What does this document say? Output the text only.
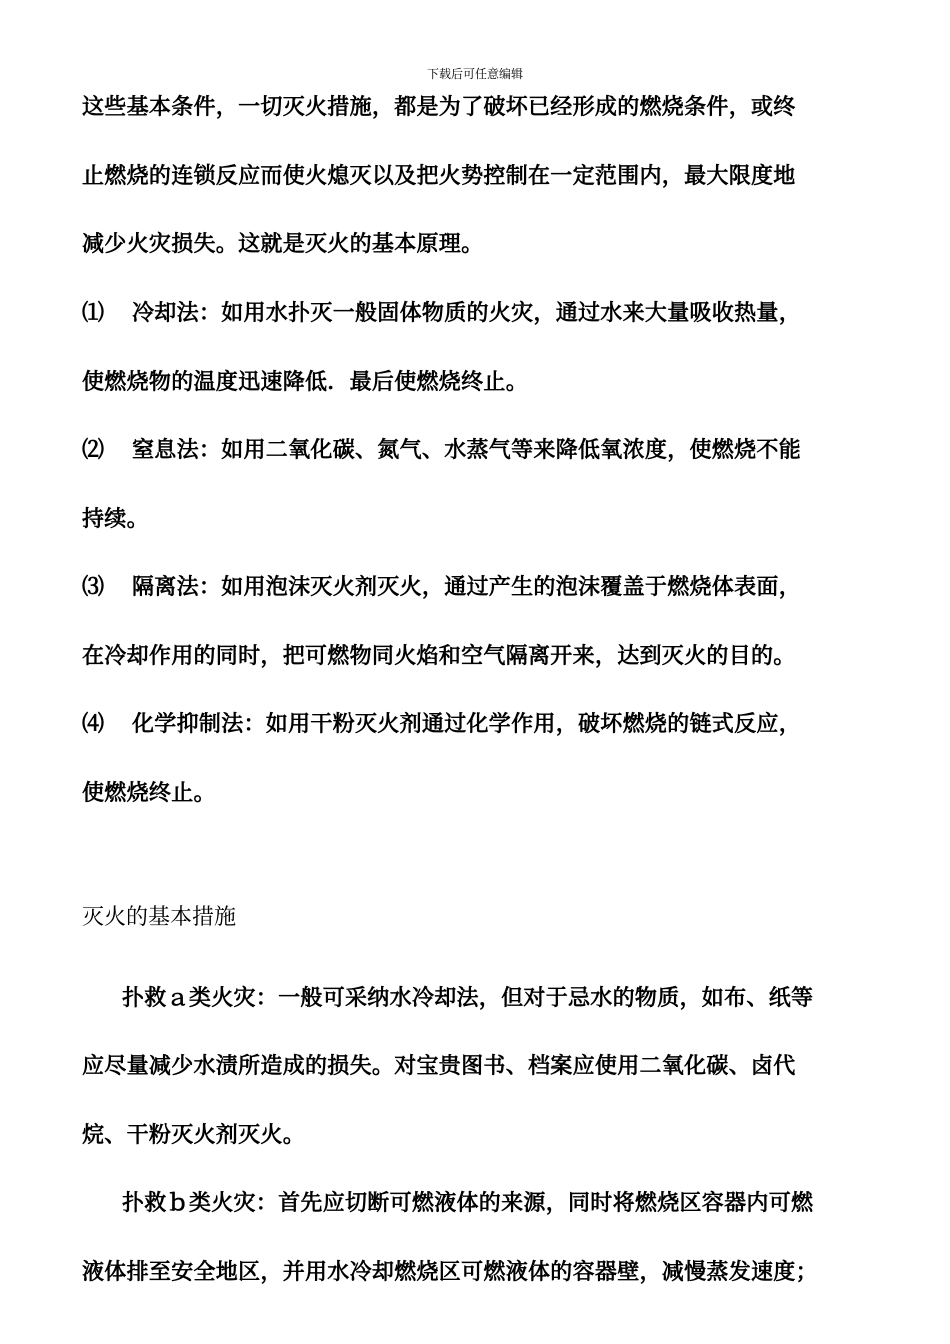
下载后可任意编辑
这些基本条件，一切灭火措施，都是为了破坏已经形成的燃烧条件，或终
止燃烧的连锁反应而使火熄灭以及把火势控制在一定范围内，最大限度地
减少火灾损失。这就是灭火的基本原理。
⑴ 冷却法：如用水扑灭一般固体物质的火灾，通过水来大量吸收热量，
使燃烧物的温度迅速降低．最后使燃烧终止。
⑵ 窒息法：如用二氧化碳、氮气、水蒸气等来降低氧浓度，使燃烧不能
持续。
⑶ 隔离法：如用泡沫灭火剂灭火，通过产生的泡沫覆盖于燃烧体表面，
在冷却作用的同时，把可燃物同火焰和空气隔离开来，达到灭火的目的。
⑷ 化学抑制法：如用干粉灭火剂通过化学作用，破坏燃烧的链式反应，
使燃烧终止。
灭火的基本措施
扑救ａ类火灾：一般可采纳水冷却法，但对于忌水的物质，如布、纸等
应尽量减少水渍所造成的损失。对宝贵图书、档案应使用二氧化碳、卤代
烷、干粉灭火剂灭火。
扑救ｂ类火灾：首先应切断可燃液体的来源，同时将燃烧区容器内可燃
液体排至安全地区，并用水冷却燃烧区可燃液体的容器壁，减慢蒸发速度；
